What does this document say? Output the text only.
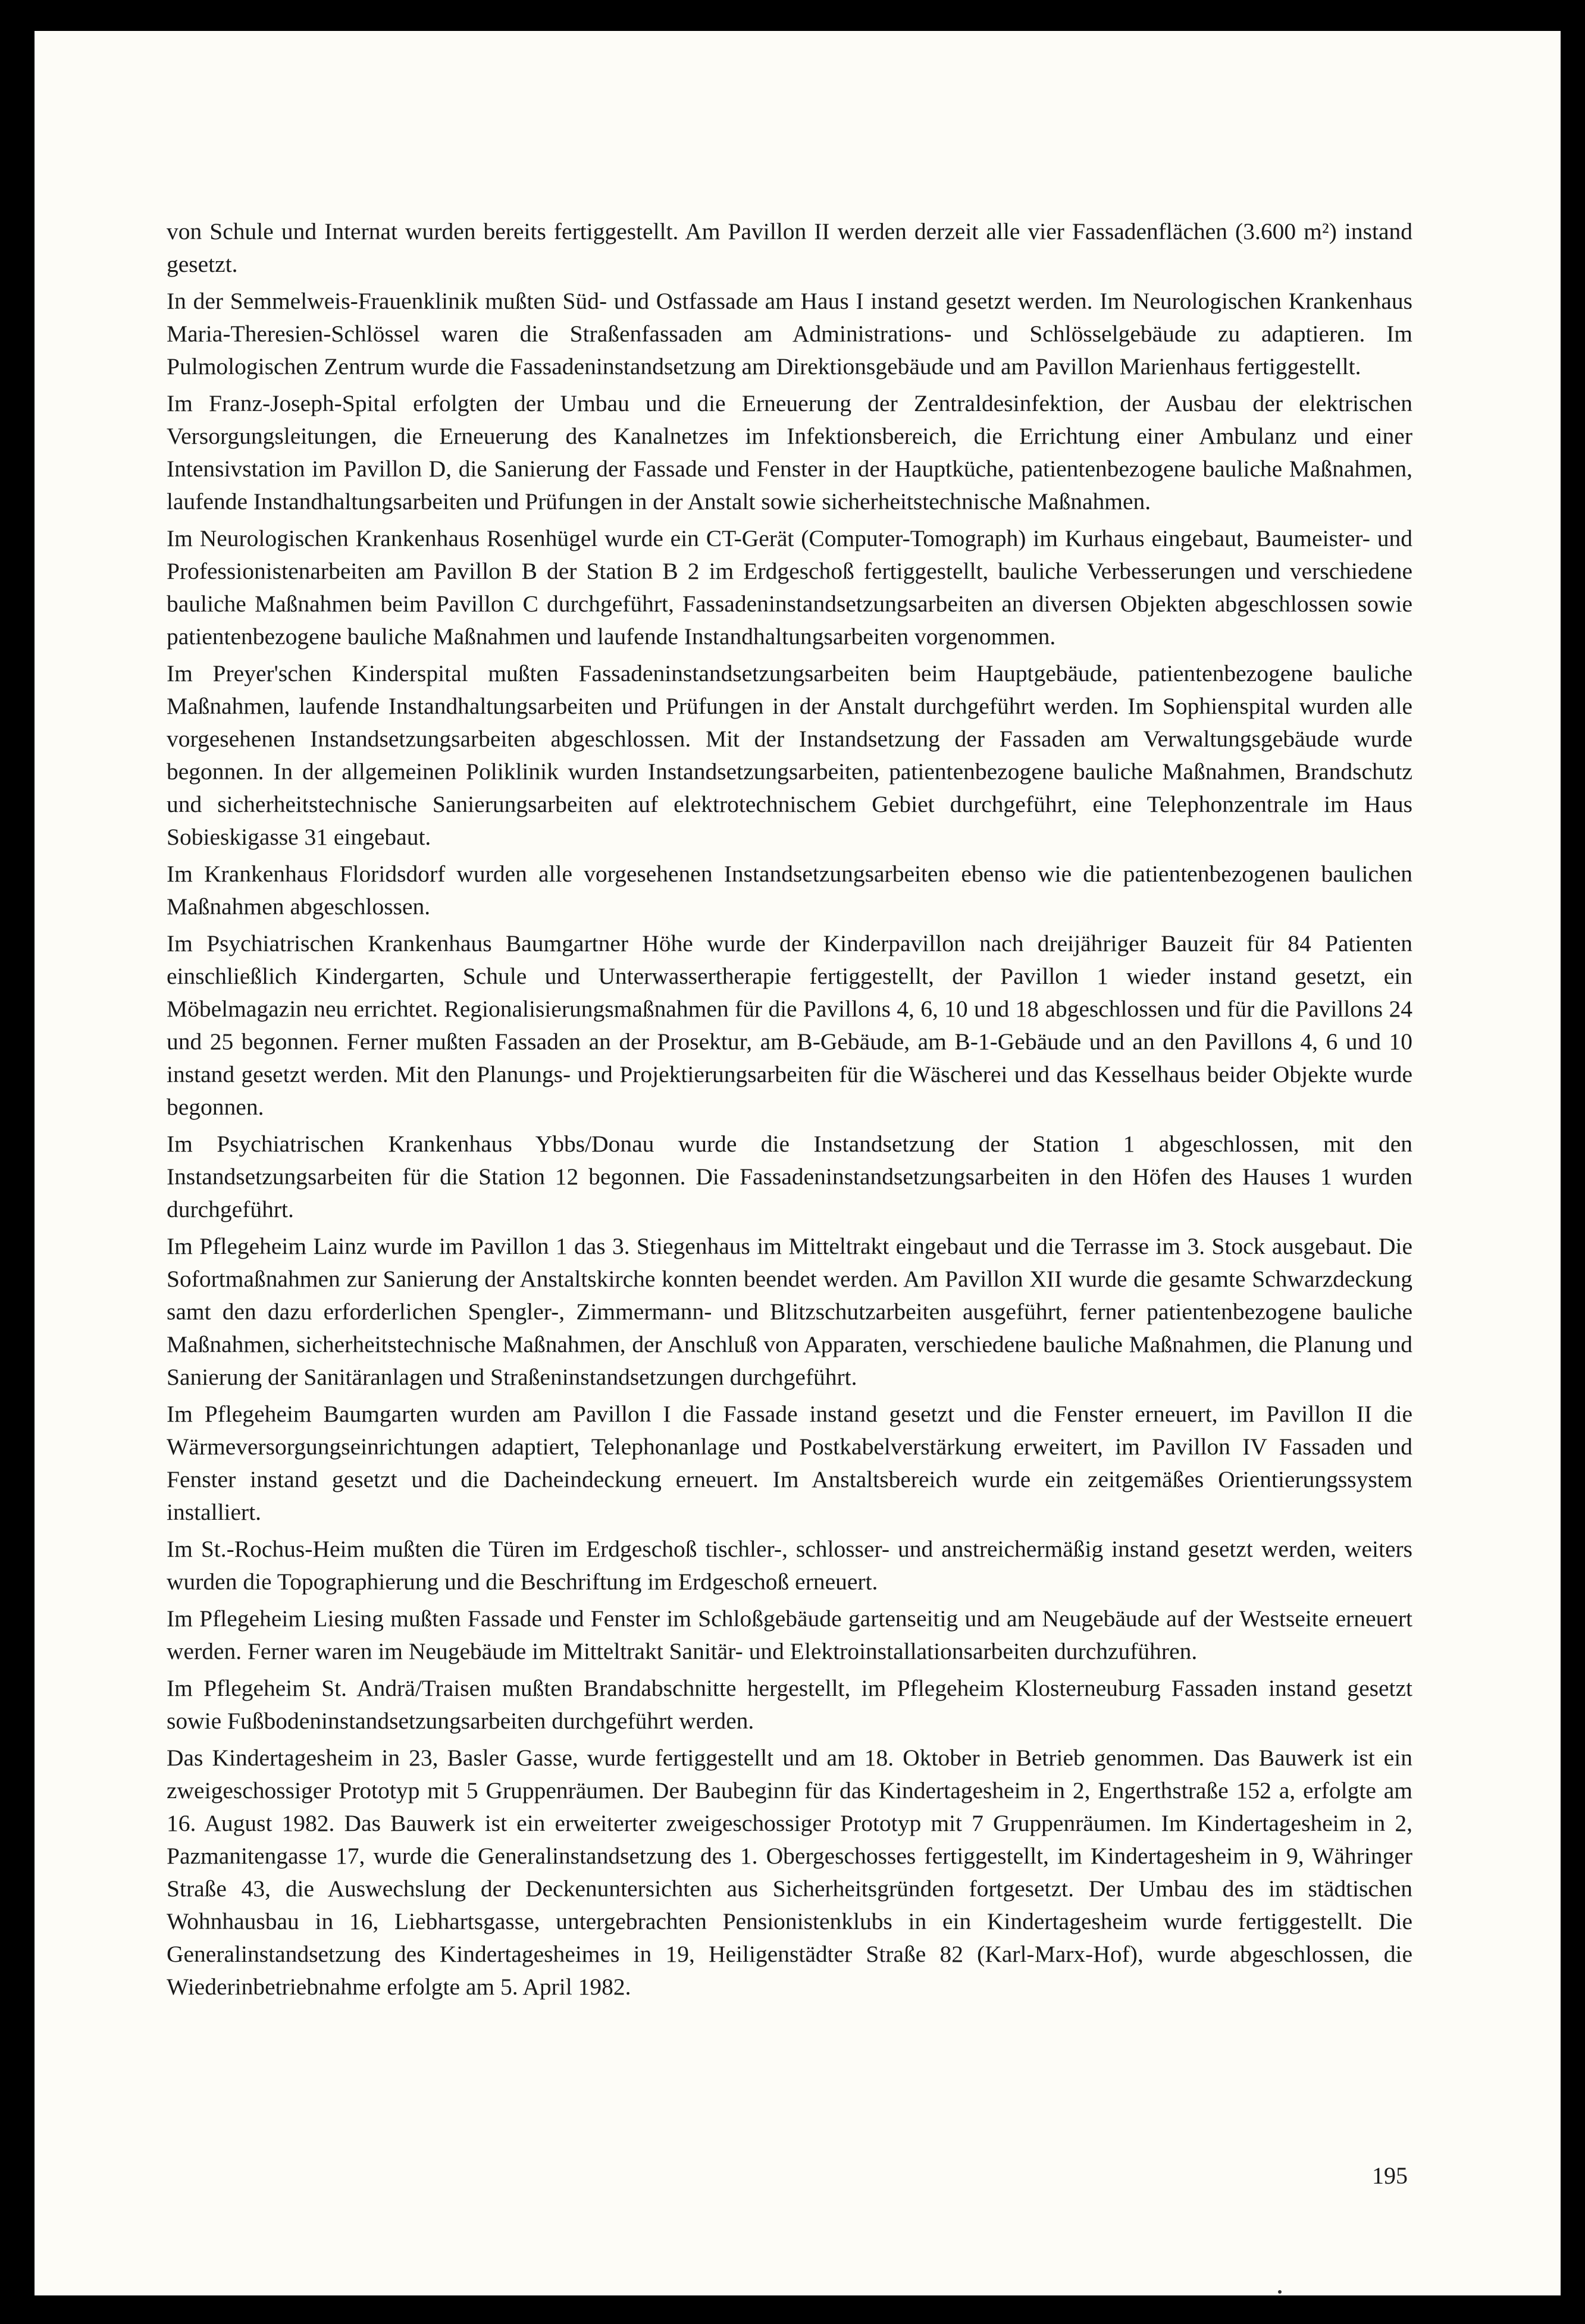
von Schule und Internat wurden bereits fertiggestellt. Am Pavillon II werden derzeit alle vier Fassadenflächen (3.600 m²) instand gesetzt.

In der Semmelweis-Frauenklinik mußten Süd- und Ostfassade am Haus I instand gesetzt werden. Im Neurologischen Krankenhaus Maria-Theresien-Schlössel waren die Straßenfassaden am Administrations- und Schlösselgebäude zu adaptieren. Im Pulmologischen Zentrum wurde die Fassadeninstandsetzung am Direktionsgebäude und am Pavillon Marienhaus fertiggestellt.

Im Franz-Joseph-Spital erfolgten der Umbau und die Erneuerung der Zentraldesinfektion, der Ausbau der elektrischen Versorgungsleitungen, die Erneuerung des Kanalnetzes im Infektionsbereich, die Errichtung einer Ambulanz und einer Intensivstation im Pavillon D, die Sanierung der Fassade und Fenster in der Hauptküche, patientenbezogene bauliche Maßnahmen, laufende Instandhaltungsarbeiten und Prüfungen in der Anstalt sowie sicherheitstechnische Maßnahmen.

Im Neurologischen Krankenhaus Rosenhügel wurde ein CT-Gerät (Computer-Tomograph) im Kurhaus eingebaut, Baumeister- und Professionistenarbeiten am Pavillon B der Station B 2 im Erdgeschoß fertiggestellt, bauliche Verbesserungen und verschiedene bauliche Maßnahmen beim Pavillon C durchgeführt, Fassadeninstandsetzungsarbeiten an diversen Objekten abgeschlossen sowie patientenbezogene bauliche Maßnahmen und laufende Instandhaltungsarbeiten vorgenommen.

Im Preyer'schen Kinderspital mußten Fassadeninstandsetzungsarbeiten beim Hauptgebäude, patientenbezogene bauliche Maßnahmen, laufende Instandhaltungsarbeiten und Prüfungen in der Anstalt durchgeführt werden. Im Sophienspital wurden alle vorgesehenen Instandsetzungsarbeiten abgeschlossen. Mit der Instandsetzung der Fassaden am Verwaltungsgebäude wurde begonnen. In der allgemeinen Poliklinik wurden Instandsetzungsarbeiten, patientenbezogene bauliche Maßnahmen, Brandschutz und sicherheitstechnische Sanierungsarbeiten auf elektrotechnischem Gebiet durchgeführt, eine Telephonzentrale im Haus Sobieskigasse 31 eingebaut.

Im Krankenhaus Floridsdorf wurden alle vorgesehenen Instandsetzungsarbeiten ebenso wie die patientenbezogenen baulichen Maßnahmen abgeschlossen.

Im Psychiatrischen Krankenhaus Baumgartner Höhe wurde der Kinderpavillon nach dreijähriger Bauzeit für 84 Patienten einschließlich Kindergarten, Schule und Unterwassertherapie fertiggestellt, der Pavillon 1 wieder instand gesetzt, ein Möbelmagazin neu errichtet. Regionalisierungsmaßnahmen für die Pavillons 4, 6, 10 und 18 abgeschlossen und für die Pavillons 24 und 25 begonnen. Ferner mußten Fassaden an der Prosektur, am B-Gebäude, am B-1-Gebäude und an den Pavillons 4, 6 und 10 instand gesetzt werden. Mit den Planungs- und Projektierungsarbeiten für die Wäscherei und das Kesselhaus beider Objekte wurde begonnen.

Im Psychiatrischen Krankenhaus Ybbs/Donau wurde die Instandsetzung der Station 1 abgeschlossen, mit den Instandsetzungsarbeiten für die Station 12 begonnen. Die Fassadeninstandsetzungsarbeiten in den Höfen des Hauses 1 wurden durchgeführt.

Im Pflegeheim Lainz wurde im Pavillon 1 das 3. Stiegenhaus im Mitteltrakt eingebaut und die Terrasse im 3. Stock ausgebaut. Die Sofortmaßnahmen zur Sanierung der Anstaltskirche konnten beendet werden. Am Pavillon XII wurde die gesamte Schwarzdeckung samt den dazu erforderlichen Spengler-, Zimmermann- und Blitzschutzarbeiten ausgeführt, ferner patientenbezogene bauliche Maßnahmen, sicherheitstechnische Maßnahmen, der Anschluß von Apparaten, verschiedene bauliche Maßnahmen, die Planung und Sanierung der Sanitäranlagen und Straßeninstandsetzungen durchgeführt.

Im Pflegeheim Baumgarten wurden am Pavillon I die Fassade instand gesetzt und die Fenster erneuert, im Pavillon II die Wärmeversorgungseinrichtungen adaptiert, Telephonanlage und Postkabelverstärkung erweitert, im Pavillon IV Fassaden und Fenster instand gesetzt und die Dacheindeckung erneuert. Im Anstaltsbereich wurde ein zeitgemäßes Orientierungssystem installiert.

Im St.-Rochus-Heim mußten die Türen im Erdgeschoß tischler-, schlosser- und anstreichermäßig instand gesetzt werden, weiters wurden die Topographierung und die Beschriftung im Erdgeschoß erneuert.

Im Pflegeheim Liesing mußten Fassade und Fenster im Schloßgebäude gartenseitig und am Neugebäude auf der Westseite erneuert werden. Ferner waren im Neugebäude im Mitteltrakt Sanitär- und Elektroinstallationsarbeiten durchzuführen.

Im Pflegeheim St. Andrä/Traisen mußten Brandabschnitte hergestellt, im Pflegeheim Klosterneuburg Fassaden instand gesetzt sowie Fußbodeninstandsetzungsarbeiten durchgeführt werden.

Das Kindertagesheim in 23, Basler Gasse, wurde fertiggestellt und am 18. Oktober in Betrieb genommen. Das Bauwerk ist ein zweigeschossiger Prototyp mit 5 Gruppenräumen. Der Baubeginn für das Kindertagesheim in 2, Engerthstraße 152 a, erfolgte am 16. August 1982. Das Bauwerk ist ein erweiterter zweigeschossiger Prototyp mit 7 Gruppenräumen. Im Kindertagesheim in 2, Pazmanitengasse 17, wurde die Generalinstandsetzung des 1. Obergeschosses fertiggestellt, im Kindertagesheim in 9, Währinger Straße 43, die Auswechslung der Deckenuntersichten aus Sicherheitsgründen fortgesetzt. Der Umbau des im städtischen Wohnhausbau in 16, Liebhartsgasse, untergebrachten Pensionistenklubs in ein Kindertagesheim wurde fertiggestellt. Die Generalinstandsetzung des Kindertagesheimes in 19, Heiligenstädter Straße 82 (Karl-Marx-Hof), wurde abgeschlossen, die Wiederinbetriebnahme erfolgte am 5. April 1982.

195
